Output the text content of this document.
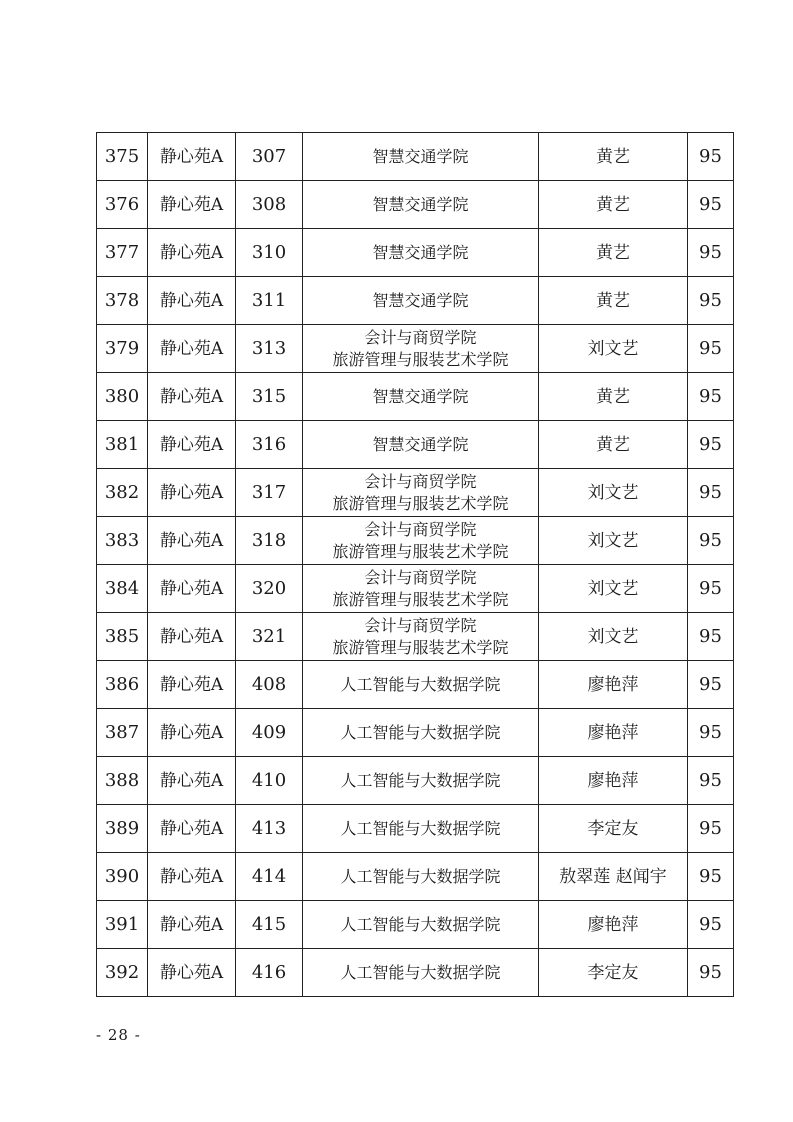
375	静心苑A	307	智慧交通学院	黄艺	95
376	静心苑A	308	智慧交通学院	黄艺	95
377	静心苑A	310	智慧交通学院	黄艺	95
378	静心苑A	311	智慧交通学院	黄艺	95
379	静心苑A	313	会计与商贸学院
旅游管理与服装艺术学院	刘文艺	95
380	静心苑A	315	智慧交通学院	黄艺	95
381	静心苑A	316	智慧交通学院	黄艺	95
382	静心苑A	317	会计与商贸学院
旅游管理与服装艺术学院	刘文艺	95
383	静心苑A	318	会计与商贸学院
旅游管理与服装艺术学院	刘文艺	95
384	静心苑A	320	会计与商贸学院
旅游管理与服装艺术学院	刘文艺	95
385	静心苑A	321	会计与商贸学院
旅游管理与服装艺术学院	刘文艺	95
386	静心苑A	408	人工智能与大数据学院	廖艳萍	95
387	静心苑A	409	人工智能与大数据学院	廖艳萍	95
388	静心苑A	410	人工智能与大数据学院	廖艳萍	95
389	静心苑A	413	人工智能与大数据学院	李定友	95
390	静心苑A	414	人工智能与大数据学院	敖翠莲 赵闻宇	95
391	静心苑A	415	人工智能与大数据学院	廖艳萍	95
392	静心苑A	416	人工智能与大数据学院	李定友	95
- 28 -
